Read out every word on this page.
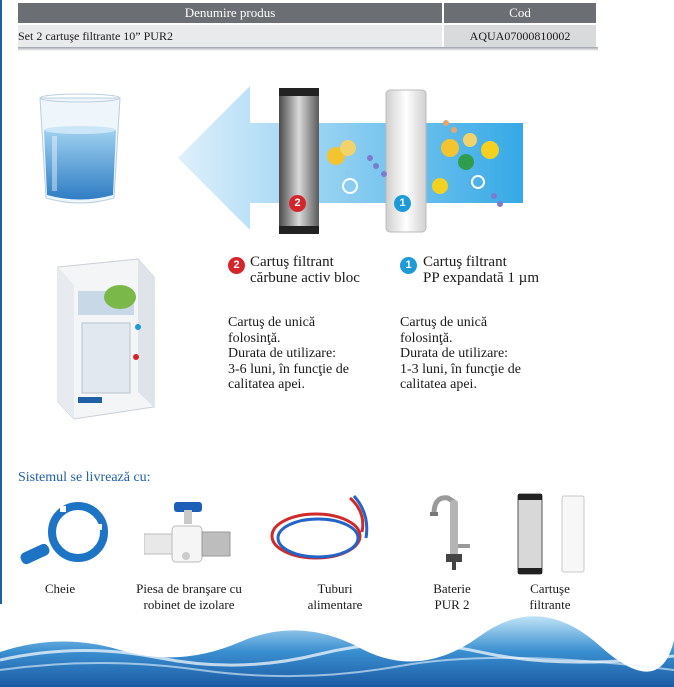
Denumire produs	Cod
Set 2 cartuşe filtrante 10” PUR2	AQUA07000810002
2	1
2 Cartuş filtrant
cărbune activ bloc
1 Cartuş filtrant
PP expandată 1 µm
Cartuş de unică
folosinţă.
Durata de utilizare:
3-6 luni, în funcţie de
calitatea apei.
Cartuş de unică
folosinţă.
Durata de utilizare:
1-3 luni, în funcţie de
calitatea apei.
Sistemul se livrează cu:
Cheie	Piesa de branşare cu
robinet de izolare
Tuburi
alimentare
Baterie
PUR 2
Cartuşe
filtrante
